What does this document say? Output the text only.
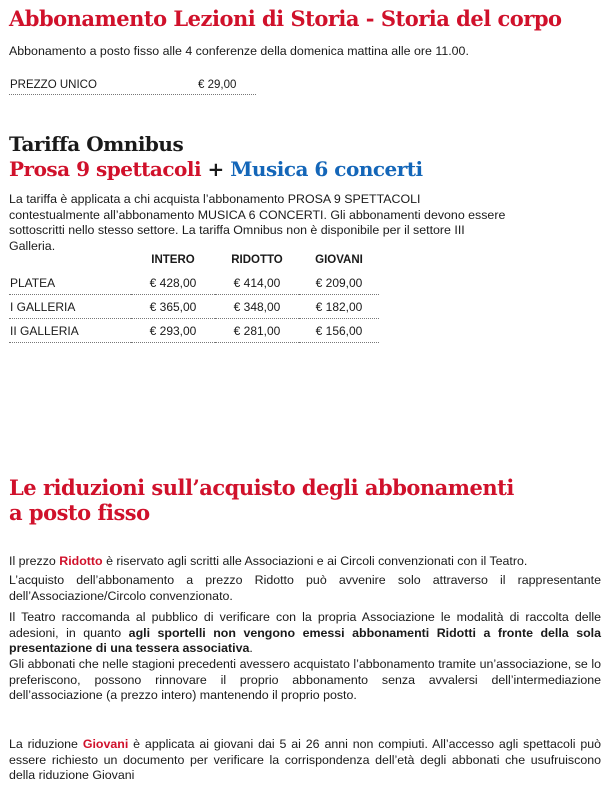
Abbonamento Lezioni di Storia - Storia del corpo
Abbonamento a posto fisso alle 4 conferenze della domenica mattina alle ore 11.00.
PREZZO UNICO	€ 29,00
Tariffa Omnibus
Prosa 9 spettacoli + Musica 6 concerti
La tariffa è applicata a chi acquista l’abbonamento PROSA 9 SPETTACOLI contestualmente all’abbonamento MUSICA 6 CONCERTI. Gli abbonamenti devono essere sottoscritti nello stesso settore. La tariffa Omnibus non è disponibile per il settore III Galleria.
	INTERO	RIDOTTO	GIOVANI
PLATEA	€ 428,00	€ 414,00	€ 209,00
I GALLERIA	€ 365,00	€ 348,00	€ 182,00
II GALLERIA	€ 293,00	€ 281,00	€ 156,00
Le riduzioni sull’acquisto degli abbonamenti
a posto fisso
Il prezzo Ridotto è riservato agli scritti alle Associazioni e ai Circoli convenzionati con il Teatro.
L’acquisto dell’abbonamento a prezzo Ridotto può avvenire solo attraverso il rappresentante dell’Associazione/Circolo convenzionato.
Il Teatro raccomanda al pubblico di verificare con la propria Associazione le modalità di raccolta delle adesioni, in quanto agli sportelli non vengono emessi abbonamenti Ridotti a fronte della sola presentazione di una tessera associativa.
Gli abbonati che nelle stagioni precedenti avessero acquistato l’abbonamento tramite un’associazione, se lo preferiscono, possono rinnovare il proprio abbonamento senza avvalersi dell’intermediazione dell’associazione (a prezzo intero) mantenendo il proprio posto.
La riduzione Giovani è applicata ai giovani dai 5 ai 26 anni non compiuti. All’accesso agli spettacoli può essere richiesto un documento per verificare la corrispondenza dell’età degli abbonati che usufruiscono della riduzione Giovani
